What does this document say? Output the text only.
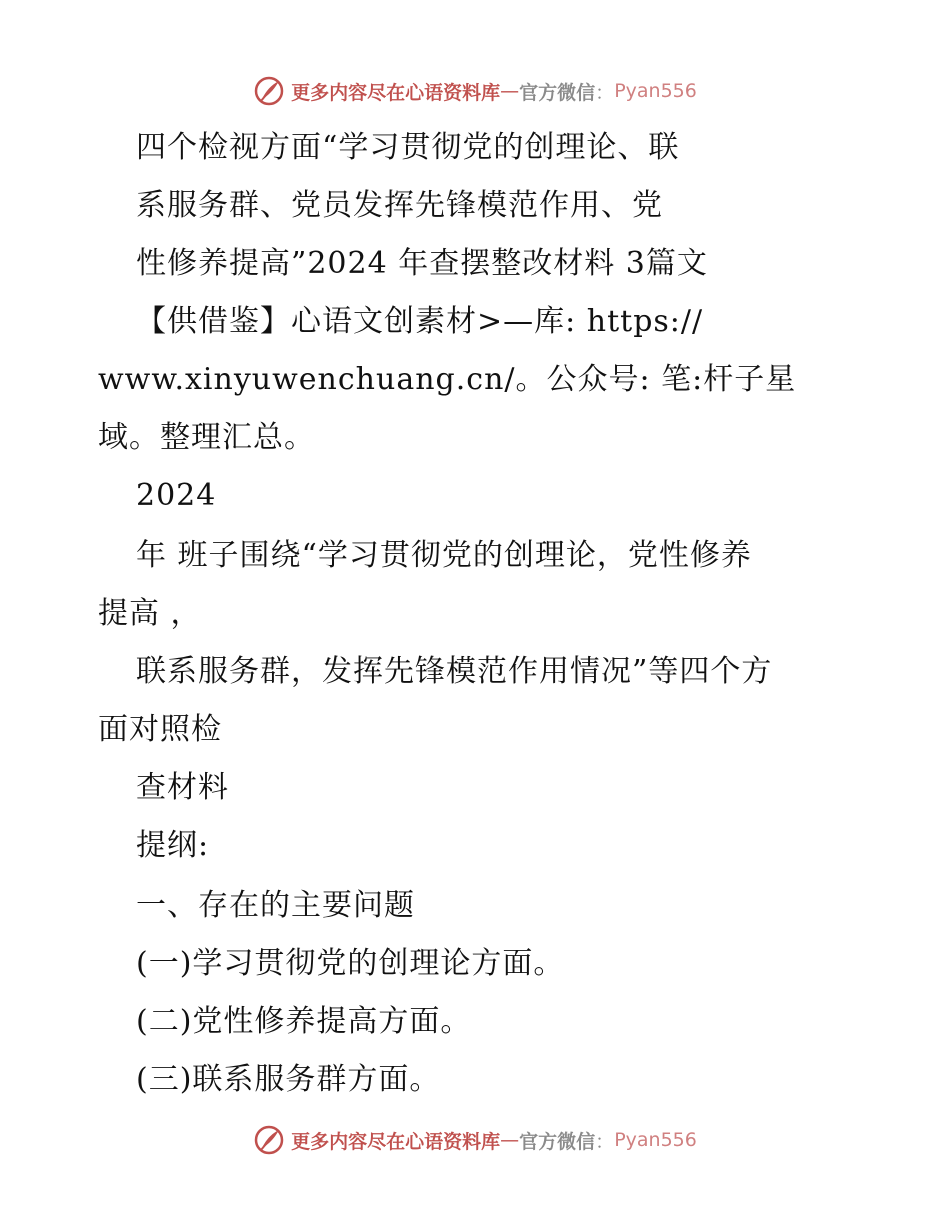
更多内容尽在心语资料库 — 官方微信 ： Pyan556
四个检视方面“学习贯彻党的创理论、联
系服务群、党员发挥先锋模范作用、党
性修养提高”2024 年查摆整改材料 3篇文
【供借鉴】心语文创素材>—库: https://
www.xinyuwenchuang.cn/。公众号: 笔:杆子星
域。整理汇总。
2024
年 班子围绕“学习贯彻党的创理论，党性修养
提高 ，
联系服务群，发挥先锋模范作用情况”等四个方
面对照检
查材料
提纲:
一、存在的主要问题
(一)学习贯彻党的创理论方面。
(二)党性修养提高方面。
(三)联系服务群方面。
更多内容尽在心语资料库 — 官方微信 ： Pyan556
